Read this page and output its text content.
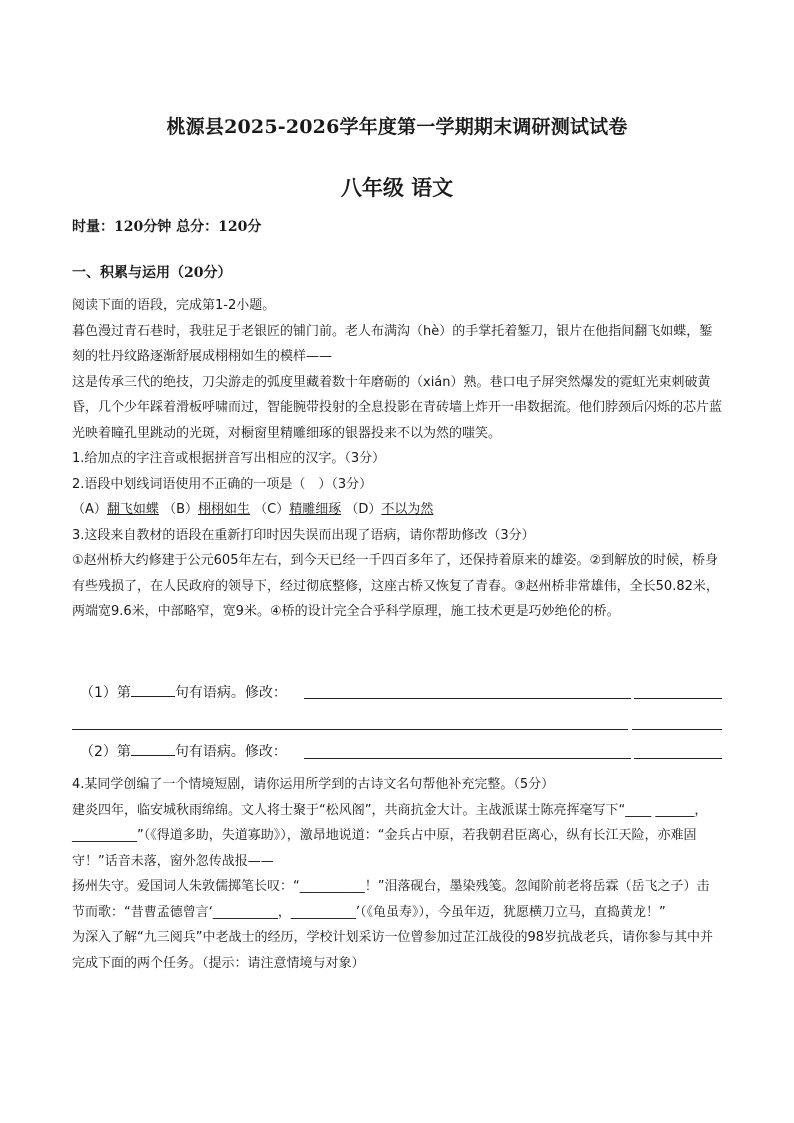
桃源县2025-2026学年度第一学期期末调研测试试卷
八年级 语文
时量：120分钟 总分：120分
一、积累与运用（20分）

阅读下面的语段，完成第1-2小题。

暮色漫过青石巷时，我驻足于老银匠的铺门前。老人布满沟（hè）的手掌托着錾刀，银片在他指间翻飞如蝶，錾刻的牡丹纹路逐渐舒展成栩栩如生的模样——

这是传承三代的绝技，刀尖游走的弧度里藏着数十年磨砺的（xián）熟。巷口电子屏突然爆发的霓虹光束刺破黄昏，几个少年踩着滑板呼啸而过，智能腕带投射的全息投影在青砖墙上炸开一串数据流。他们脖颈后闪烁的芯片蓝光映着瞳孔里跳动的光斑，对橱窗里精雕细琢的银器投来不以为然的嗤笑。

1.给加点的字注音或根据拼音写出相应的汉字。（3分）

2.语段中划线词语使用不正确的一项是（　）（3分）

（A）翻飞如蝶 （B）栩栩如生 （C）精雕细琢 （D）不以为然

3.这段来自教材的语段在重新打印时因失误而出现了语病，请你帮助修改（3分）

①赵州桥大约修建于公元605年左右，到今天已经一千四百多年了，还保持着原来的雄姿。②到解放的时候，桥身有些残损了，在人民政府的领导下，经过彻底整修，这座古桥又恢复了青春。③赵州桥非常雄伟，全长50.82米，两端宽9.6米，中部略窄，宽9米。④桥的设计完全合乎科学原理，施工技术更是巧妙绝伦的桥。

（1）第	句有语病。修改：
（2）第	句有语病。修改：

4.某同学创编了一个情境短剧，请你运用所学到的古诗文名句帮他补充完整。（5分）

建炎四年，临安城秋雨绵绵。文人将士聚于“松风阁”，共商抗金大计。主战派谋士陈亮挥毫写下“____ ______，__________”（《得道多助，失道寡助》），激昂地说道：“金兵占中原，若我朝君臣离心，纵有长江天险，亦难固守！”话音未落，窗外忽传战报——

扬州失守。爱国词人朱敦儒掷笔长叹：“__________！”泪落砚台，墨染残笺。忽闻阶前老将岳霖（岳飞之子）击节而歌：“昔曹孟德曾言‘__________，__________’（《龟虽寿》），今虽年迈，犹愿横刀立马，直捣黄龙！”

为深入了解“九三阅兵”中老战士的经历，学校计划采访一位曾参加过芷江战役的98岁抗战老兵，请你参与其中并完成下面的两个任务。（提示：请注意情境与对象）
